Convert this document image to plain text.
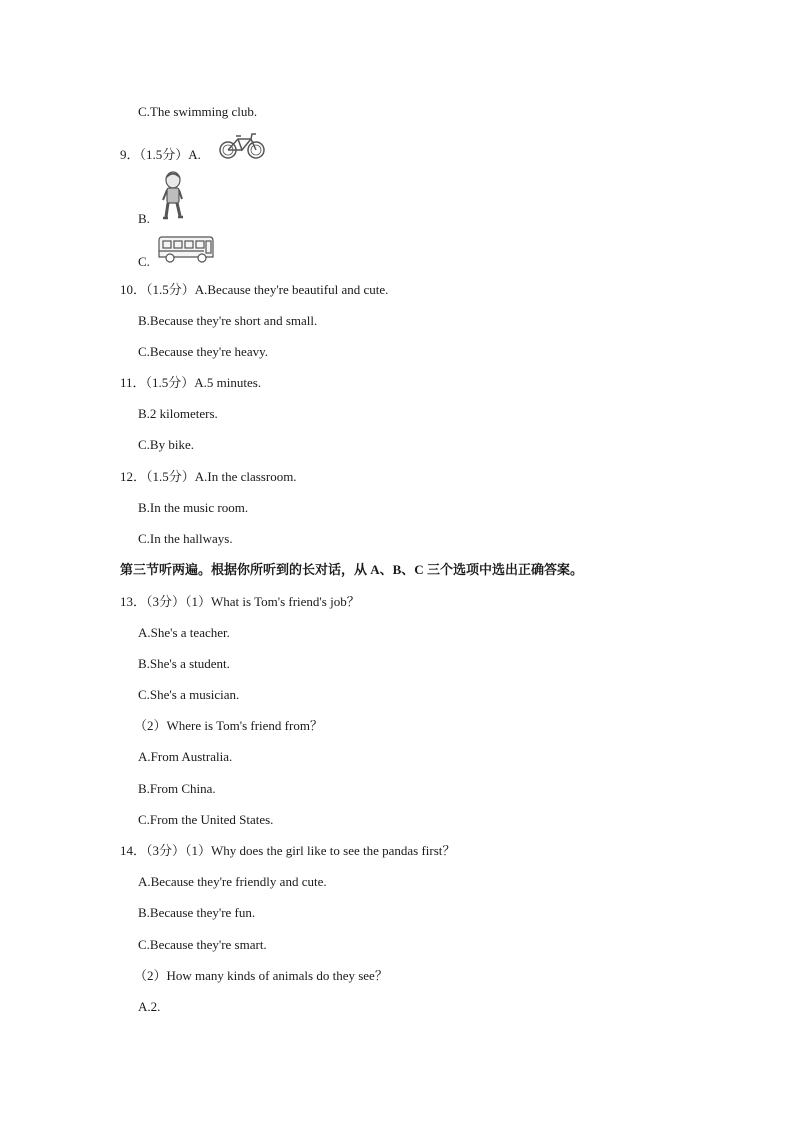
C.The swimming club.
9．（1.5分）A.
B.
C.
10．（1.5分）A.Because they're beautiful and cute.
B.Because they're short and small.
C.Because they're heavy.
11．（1.5分）A.5 minutes.
B.2 kilometers.
C.By bike.
12．（1.5分）A.In the classroom.
B.In the music room.
C.In the hallways.
第三节听两遍。根据你所听到的长对话，从 A、B、C 三个选项中选出正确答案。
13．（3分）（1）What is Tom's friend's job？
A.She's a teacher.
B.She's a student.
C.She's a musician.
（2）Where is Tom's friend from？
A.From Australia.
B.From China.
C.From the United States.
14．（3分）（1）Why does the girl like to see the pandas first？
A.Because they're friendly and cute.
B.Because they're fun.
C.Because they're smart.
（2）How many kinds of animals do they see？
A.2.
